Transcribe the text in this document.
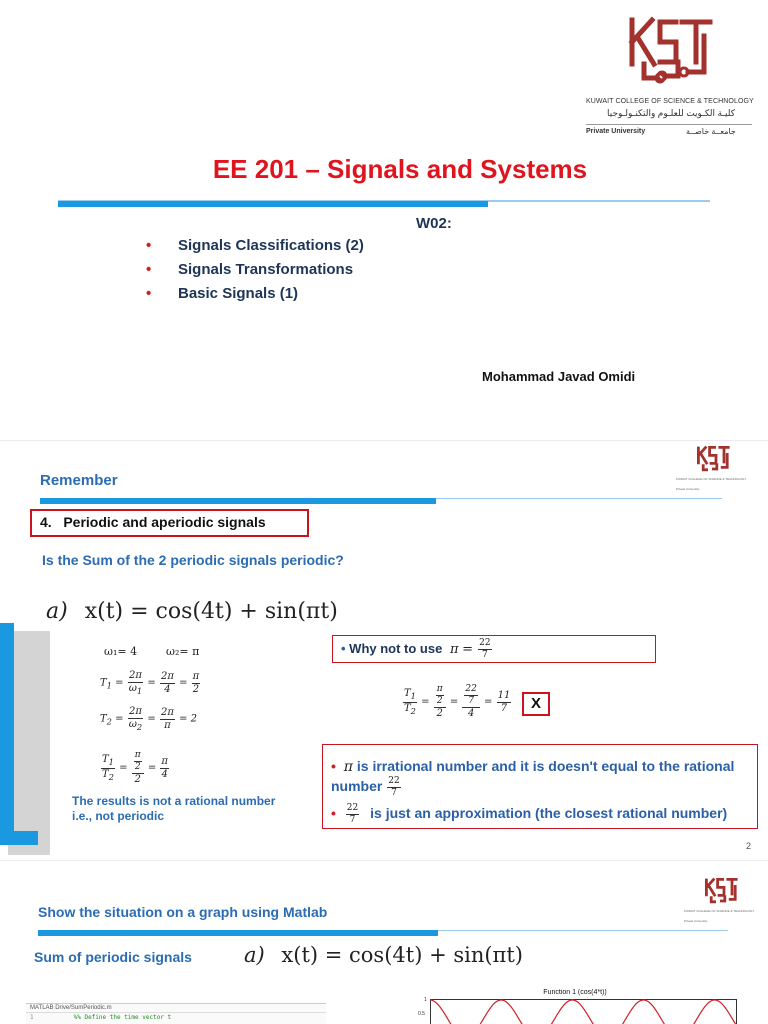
KUWAIT COLLEGE OF SCIENCE & TECHNOLOGY
كليـة الكـويت للعلـوم والتكنـولـوجيا
Private University	جامعــة خاصــة
EE 201 – Signals and Systems
W02:
• Signals Classifications (2)
• Signals Transformations
• Basic Signals (1)
Mohammad Javad Omidi
KUWAIT COLLEGE OF SCIENCE & TECHNOLOGY
Private University
Remember
4.   Periodic and aperiodic signals
Is the Sum of the 2 periodic signals periodic?
a) x(t) = cos(4t) + sin(πt)
ω₁= 4	ω₂= π
$T_1 = \frac{2\pi}{\omega_1} = \frac{2\pi}{4} = \frac{\pi}{2}$
$T_2 = \frac{2\pi}{\omega_2} = \frac{2\pi}{\pi} = 2$
$\frac{T_1}{T_2} = \frac{\frac{\pi}{2}}{2} = \frac{\pi}{4}$
The results is not a rational number
i.e., not periodic
• Why not to use $\pi = \frac{22}{7}$
$\frac{T_1}{T_2} = \frac{\frac{\pi}{2}}{2} = \frac{\frac{22}{7}}{4} = \frac{11}{7}$	X
• π is irrational number and it is doesn't equal to the rational number $\frac{22}{7}$
• $\frac{22}{7}$ is just an approximation (the closest rational number)
2
KUWAIT COLLEGE OF SCIENCE & TECHNOLOGY
Private University
Show the situation on a graph using Matlab
Sum of periodic signals a) x(t) = cos(4t) + sin(πt)
MATLAB Drive/SumPeriodic.m
1	%% Define the time vector t
Function 1 (cos(4*t))
1
0.5
